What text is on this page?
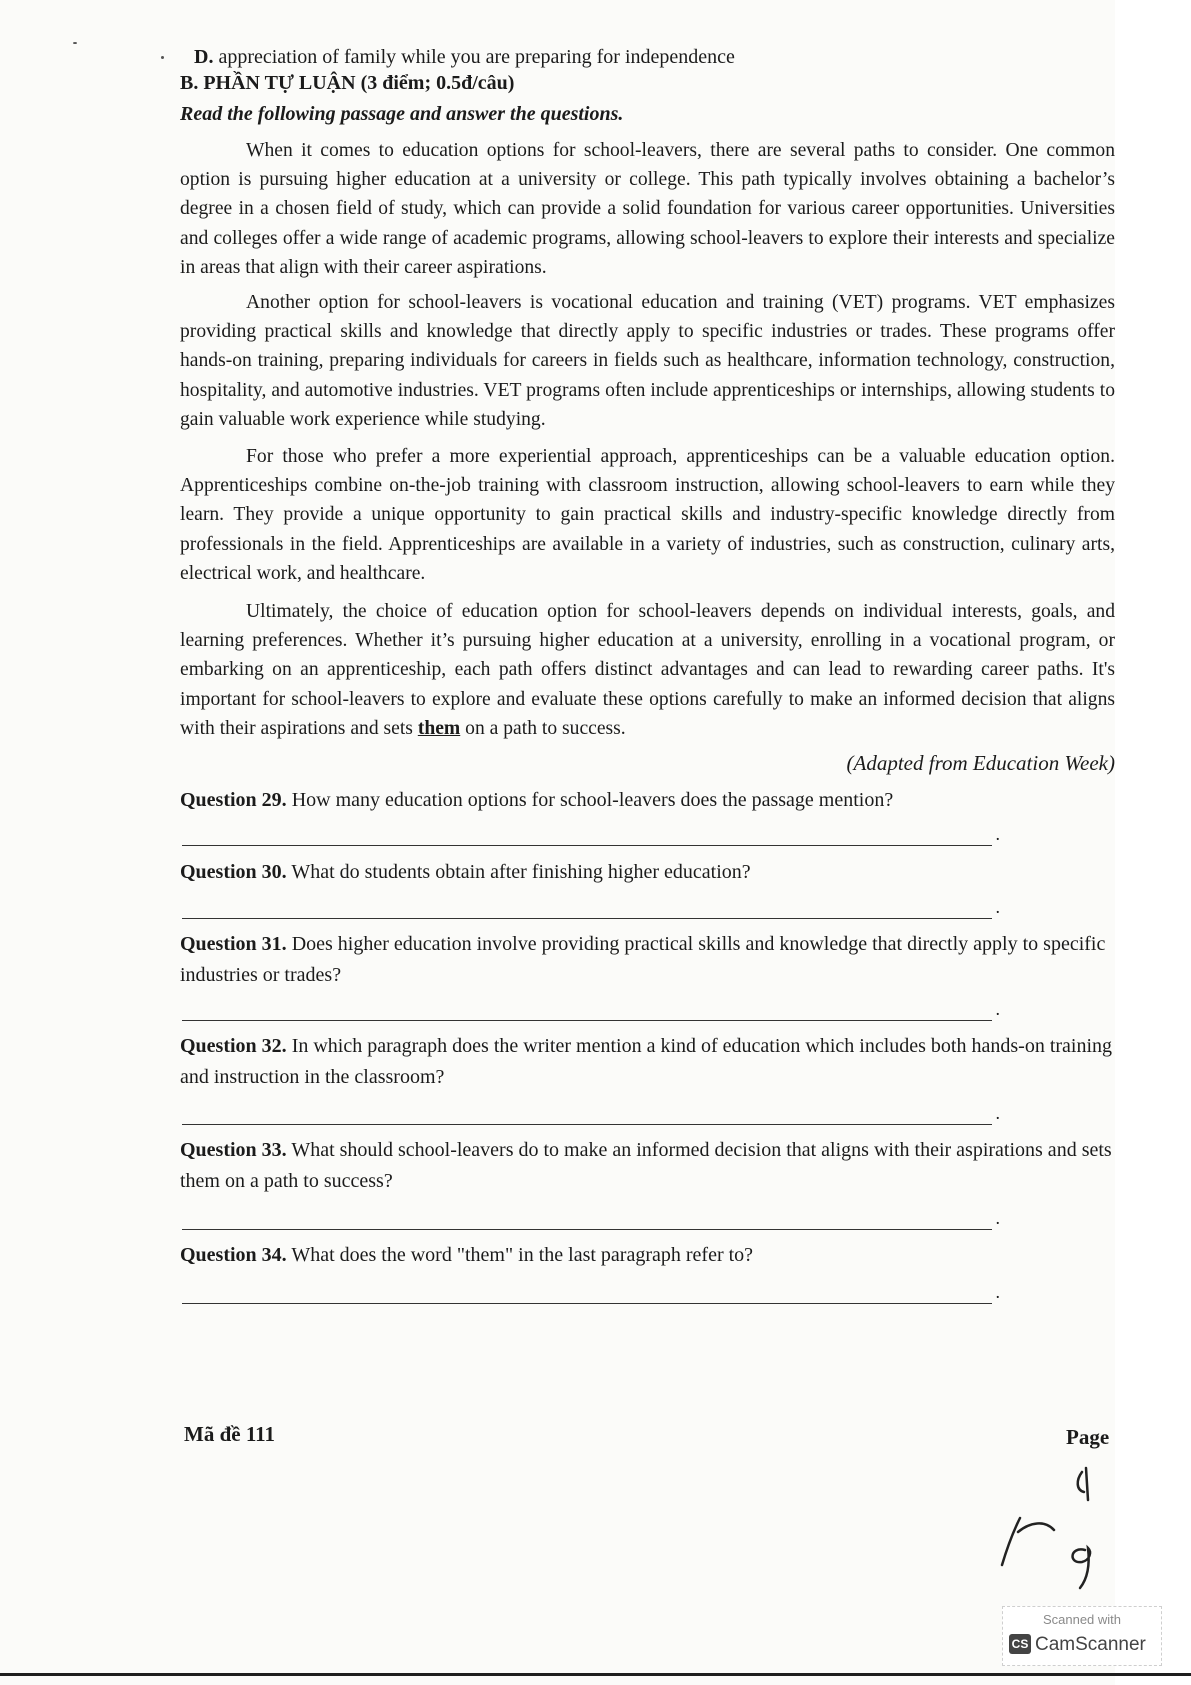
D. appreciation of family while you are preparing for independence
B. PHẦN TỰ LUẬN (3 điểm; 0.5đ/câu)
Read the following passage and answer the questions.

When it comes to education options for school-leavers, there are several paths to consider. One common option is pursuing higher education at a university or college. This path typically involves obtaining a bachelor’s degree in a chosen field of study, which can provide a solid foundation for various career opportunities. Universities and colleges offer a wide range of academic programs, allowing school-leavers to explore their interests and specialize in areas that align with their career aspirations.

Another option for school-leavers is vocational education and training (VET) programs. VET emphasizes providing practical skills and knowledge that directly apply to specific industries or trades. These programs offer hands-on training, preparing individuals for careers in fields such as healthcare, information technology, construction, hospitality, and automotive industries. VET programs often include apprenticeships or internships, allowing students to gain valuable work experience while studying.

For those who prefer a more experiential approach, apprenticeships can be a valuable education option. Apprenticeships combine on-the-job training with classroom instruction, allowing school-leavers to earn while they learn. They provide a unique opportunity to gain practical skills and industry-specific knowledge directly from professionals in the field. Apprenticeships are available in a variety of industries, such as construction, culinary arts, electrical work, and healthcare.

Ultimately, the choice of education option for school-leavers depends on individual interests, goals, and learning preferences. Whether it’s pursuing higher education at a university, enrolling in a vocational program, or embarking on an apprenticeship, each path offers distinct advantages and can lead to rewarding career paths. It's important for school-leavers to explore and evaluate these options carefully to make an informed decision that aligns with their aspirations and sets them on a path to success.

(Adapted from Education Week)
Question 29. How many education options for school-leavers does the passage mention?
.
Question 30. What do students obtain after finishing higher education?
.
Question 31. Does higher education involve providing practical skills and knowledge that directly apply to specific industries or trades?
.
Question 32. In which paragraph does the writer mention a kind of education which includes both hands-on training and instruction in the classroom?
.
Question 33. What should school-leavers do to make an informed decision that aligns with their aspirations and sets them on a path to success?
.
Question 34. What does the word "them" in the last paragraph refer to?
.
Mã đề 111	Page
Scanned with
CS CamScanner
